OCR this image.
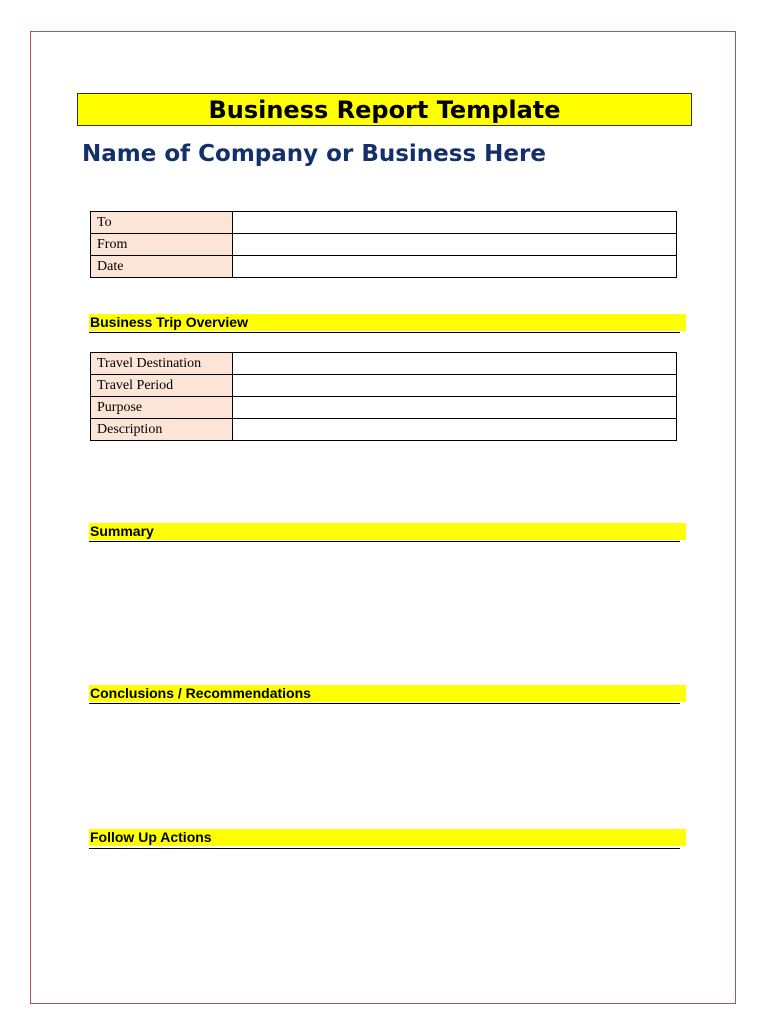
Business Report Template
Name of Company or Business Here
To	
From	
Date	
Business Trip Overview
Travel Destination	
Travel Period	
Purpose	
Description	
Summary
Conclusions / Recommendations
Follow Up Actions
